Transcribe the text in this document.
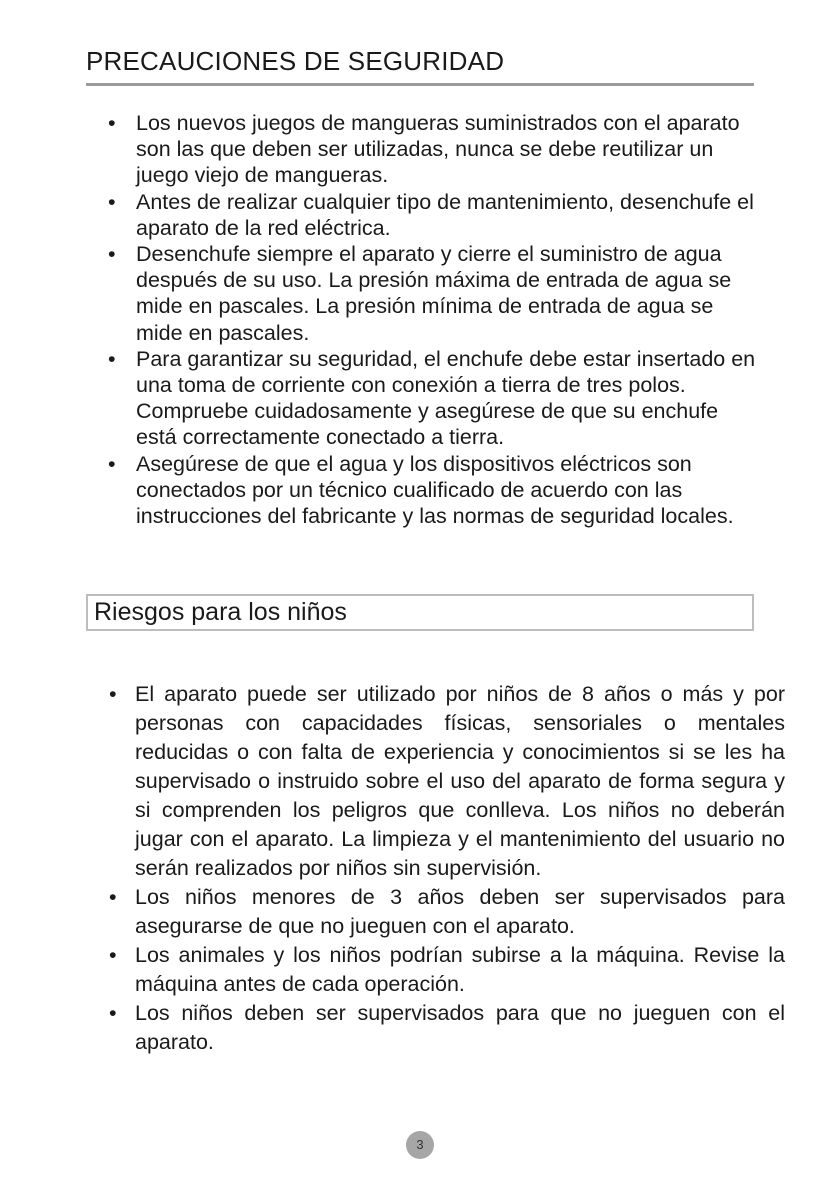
PRECAUCIONES DE SEGURIDAD
• Los nuevos juegos de mangueras suministrados con el aparato son las que deben ser utilizadas, nunca se debe reutilizar un juego viejo de mangueras.
• Antes de realizar cualquier tipo de mantenimiento, desenchufe el aparato de la red eléctrica.
• Desenchufe siempre el aparato y cierre el suministro de agua después de su uso. La presión máxima de entrada de agua se mide en pascales. La presión mínima de entrada de agua se mide en pascales.
• Para garantizar su seguridad, el enchufe debe estar insertado en una toma de corriente con conexión a tierra de tres polos. Compruebe cuidadosamente y asegúrese de que su enchufe está correctamente conectado a tierra.
• Asegúrese de que el agua y los dispositivos eléctricos son conectados por un técnico cualificado de acuerdo con las instrucciones del fabricante y las normas de seguridad locales.
Riesgos para los niños
• El aparato puede ser utilizado por niños de 8 años o más y por personas con capacidades físicas, sensoriales o mentales reducidas o con falta de experiencia y conocimientos si se les ha supervisado o instruido sobre el uso del aparato de forma segura y si comprenden los peligros que conlleva. Los niños no deberán jugar con el aparato. La limpieza y el mantenimiento del usuario no serán realizados por niños sin supervisión.
• Los niños menores de 3 años deben ser supervisados para asegurarse de que no jueguen con el aparato.
• Los animales y los niños podrían subirse a la máquina. Revise la máquina antes de cada operación.
• Los niños deben ser supervisados para que no jueguen con el aparato.
3
